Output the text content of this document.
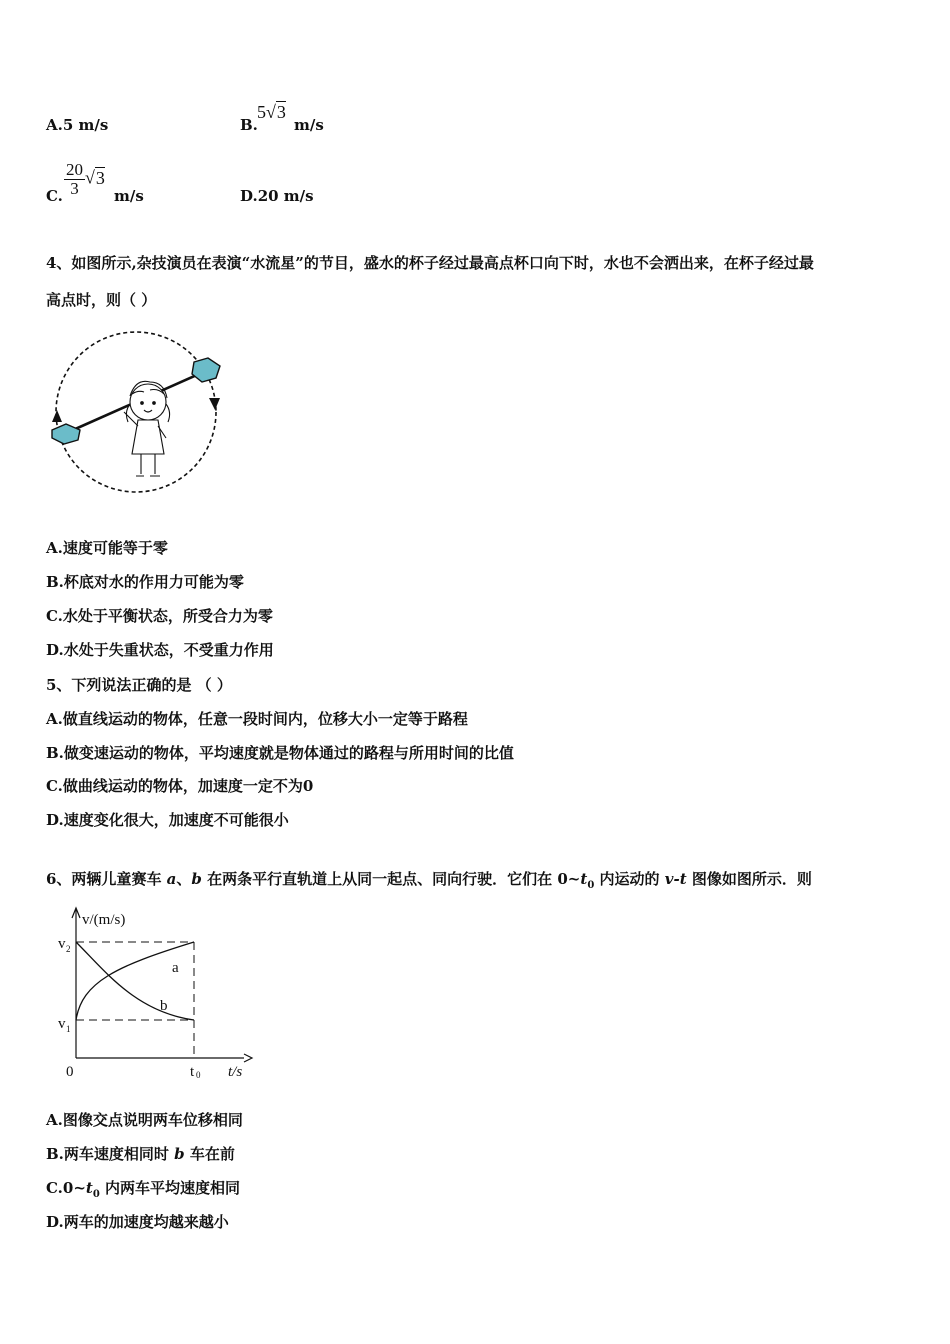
A.5 m/s	B.
5√3
m/s
C. $\frac{20}{3} √3$
m/s	D.20 m/s
4、如图所示,杂技演员在表演“水流星”的节目，盛水的杯子经过最高点杯口向下时，水也不会洒出来，在杯子经过最
高点时，则（ ）
A.速度可能等于零
B.杯底对水的作用力可能为零
C.水处于平衡状态，所受合力为零
D.水处于失重状态，不受重力作用
5、下列说法正确的是 （ ）
A.做直线运动的物体，任意一段时间内，位移大小一定等于路程
B.做变速运动的物体，平均速度就是物体通过的路程与所用时间的比值
C.做曲线运动的物体，加速度一定不为0
D.速度变化很大，加速度不可能很小
6、两辆儿童赛车 a、b 在两条平行直轨道上从同一起点、同向行驶．它们在 $0\sim t_0$ 内运动的 v-t 图像如图所示．则
v/(m/s)
t/s
0
v 2
v 1
t 0
a
b
A.图像交点说明两车位移相同
B.两车速度相同时 b 车在前
$C.0\sim t_0$ 内两车平均速度相同
D.两车的加速度均越来越小
